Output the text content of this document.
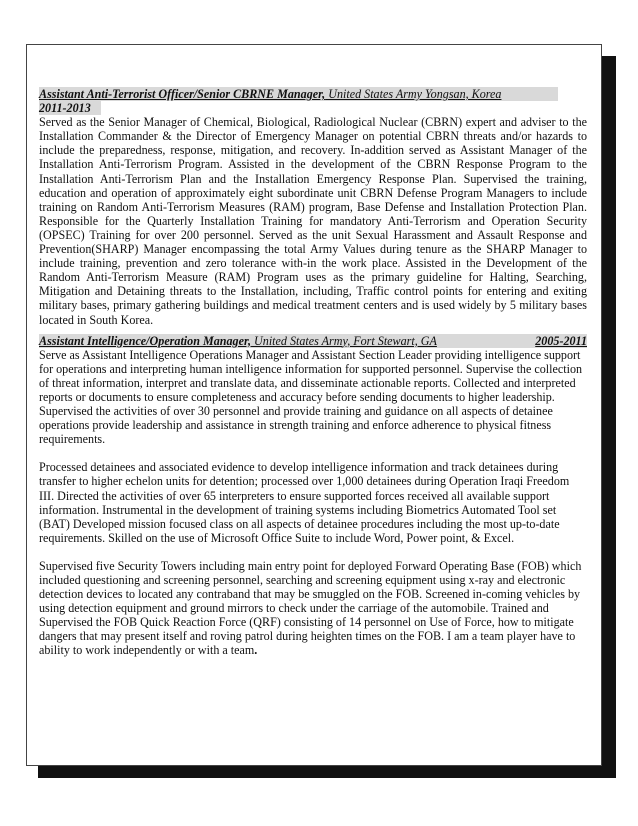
Assistant Anti-Terrorist Officer/Senior CBRNE Manager, United States Army Yongsan, Korea
2011-2013

Served as the Senior Manager of Chemical, Biological, Radiological Nuclear (CBRN) expert and adviser to the Installation Commander & the Director of Emergency Manager on potential CBRN threats and/or hazards to include the preparedness, response, mitigation, and recovery. In-addition served as Assistant Manager of the Installation Anti-Terrorism Program. Assisted in the development of the CBRN Response Program to the Installation Anti-Terrorism Plan and the Installation Emergency Response Plan. Supervised the training, education and operation of approximately eight subordinate unit CBRN Defense Program Managers to include training on Random Anti-Terrorism Measures (RAM) program, Base Defense and Installation Protection Plan. Responsible for the Quarterly Installation Training for mandatory Anti-Terrorism and Operation Security (OPSEC) Training for over 200 personnel. Served as the unit Sexual Harassment and Assault Response and Prevention(SHARP) Manager encompassing the total Army Values during tenure as the SHARP Manager to include training, prevention and zero tolerance with-in the work place. Assisted in the Development of the Random Anti-Terrorism Measure (RAM) Program uses as the primary guideline for Halting, Searching, Mitigation and Detaining threats to the Installation, including, Traffic control points for entering and exiting military bases, primary gathering buildings and medical treatment centers and is used widely by 5 military bases located in South Korea.

Assistant Intelligence/Operation Manager, United States Army, Fort Stewart, GA	2005-2011

Serve as Assistant Intelligence Operations Manager and Assistant Section Leader providing intelligence support for operations and interpreting human intelligence information for supported personnel. Supervise the collection of threat information, interpret and translate data, and disseminate actionable reports. Collected and interpreted reports or documents to ensure completeness and accuracy before sending documents to higher leadership. Supervised the activities of over 30 personnel and provide training and guidance on all aspects of detainee operations provide leadership and assistance in strength training and enforce adherence to physical fitness requirements.

Processed detainees and associated evidence to develop intelligence information and track detainees during transfer to higher echelon units for detention; processed over 1,000 detainees during Operation Iraqi Freedom III. Directed the activities of over 65 interpreters to ensure supported forces received all available support information. Instrumental in the development of training systems including Biometrics Automated Tool set (BAT) Developed mission focused class on all aspects of detainee procedures including the most up-to-date requirements. Skilled on the use of Microsoft Office Suite to include Word, Power point, & Excel.

Supervised five Security Towers including main entry point for deployed Forward Operating Base (FOB) which included questioning and screening personnel, searching and screening equipment using x-ray and electronic detection devices to located any contraband that may be smuggled on the FOB. Screened in-coming vehicles by using detection equipment and ground mirrors to check under the carriage of the automobile. Trained and Supervised the FOB Quick Reaction Force (QRF) consisting of 14 personnel on Use of Force, how to mitigate dangers that may present itself and roving patrol during heighten times on the FOB. I am a team player have to ability to work independently or with a team.
